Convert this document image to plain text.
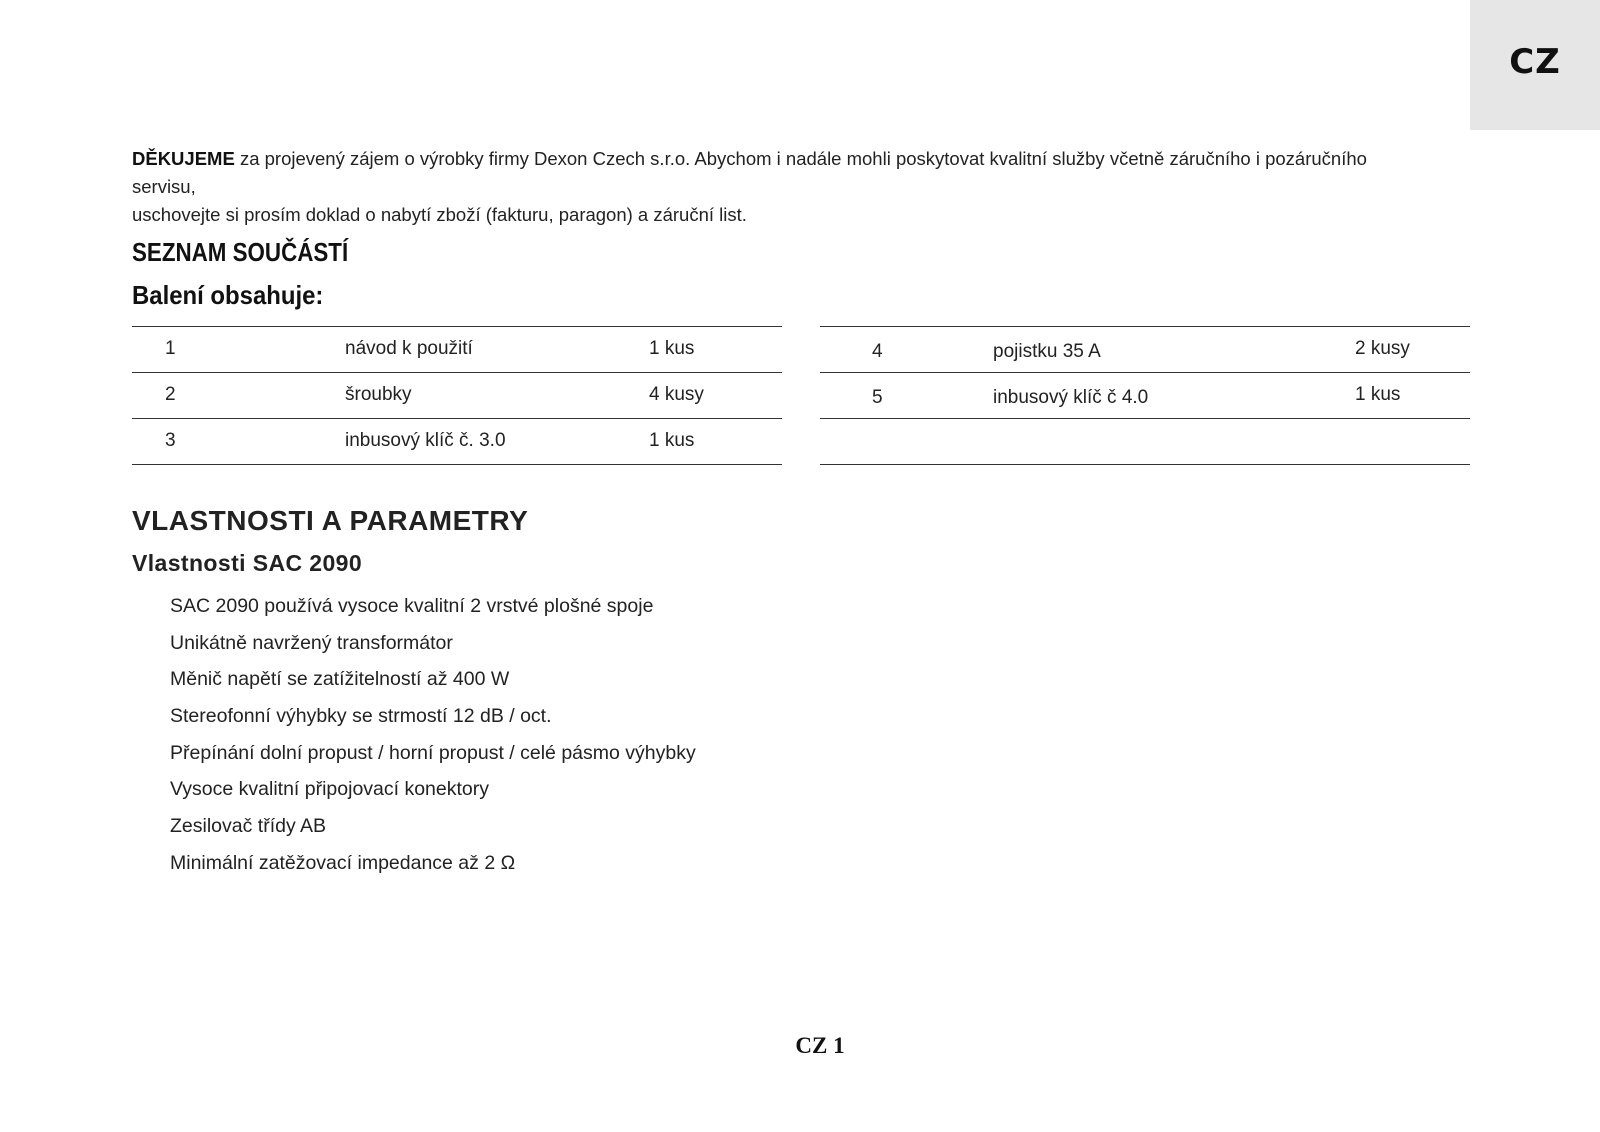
CZ
DĚKUJEME za projevený zájem o výrobky firmy Dexon Czech s.r.o. Abychom i nadále mohli poskytovat kvalitní služby včetně záručního i pozáručního servisu,
uschovejte si prosím doklad o nabytí zboží (fakturu, paragon) a záruční list.
SEZNAM SOUČÁSTÍ
Balení obsahuje:
1	návod k použití	1 kus
2	šroubky	4 kusy
3	inbusový klíč č. 3.0	1 kus
4	pojistku 35 A	2 kusy
5	inbusový klíč č 4.0	1 kus
VLASTNOSTI A PARAMETRY
Vlastnosti SAC 2090
SAC 2090 používá vysoce kvalitní 2 vrstvé plošné spoje
Unikátně navržený transformátor
Měnič napětí se zatížitelností až 400 W
Stereofonní výhybky se strmostí 12 dB / oct.
Přepínání dolní propust / horní propust / celé pásmo výhybky
Vysoce kvalitní připojovací konektory
Zesilovač třídy AB
Minimální zatěžovací impedance až 2 Ω
CZ 1
